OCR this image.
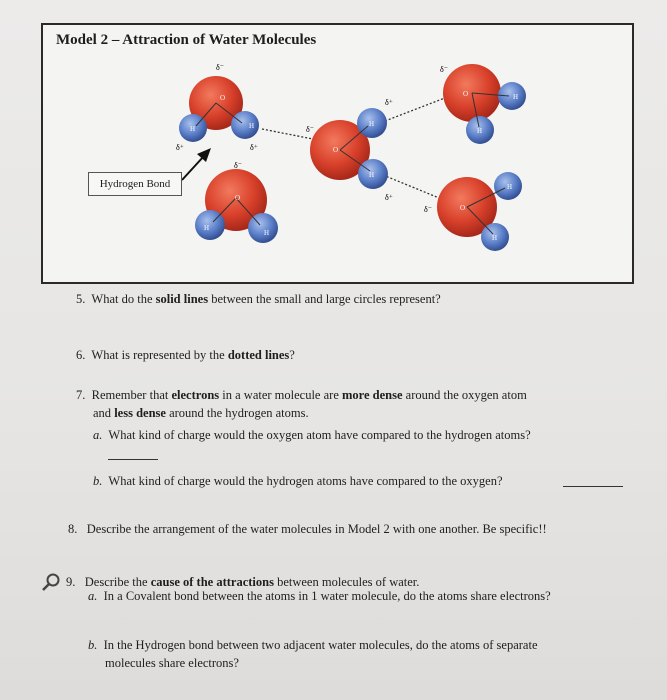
Model 2 – Attraction of Water Molecules
O
H	H
δ⁻
δ⁺	δ⁺
O
H
H
δ⁻
O
H
H
δ⁻
δ⁺
δ⁺
O	H
H
δ⁻
O
H
H
δ⁻
Hydrogen Bond
5. What do the solid lines between the small and large circles represent?
6. What is represented by the dotted lines?
7. Remember that electrons in a water molecule are more dense around the oxygen atom
and less dense around the hydrogen atoms.
a. What kind of charge would the oxygen atom have compared to the hydrogen atoms?
b. What kind of charge would the hydrogen atoms have compared to the oxygen?
8. Describe the arrangement of the water molecules in Model 2 with one another. Be specific!!
9. Describe the cause of the attractions between molecules of water.
a. In a Covalent bond between the atoms in 1 water molecule, do the atoms share electrons?
b. In the Hydrogen bond between two adjacent water molecules, do the atoms of separate
molecules share electrons?
